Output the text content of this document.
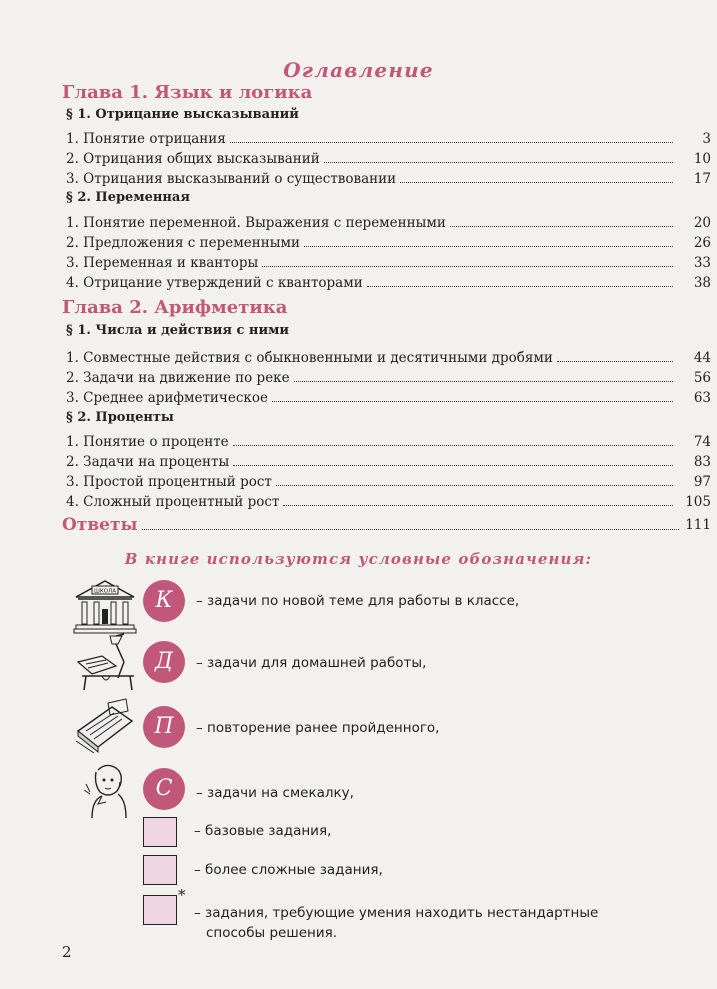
Оглавление
Глава 1. Язык и логика
§ 1. Отрицание высказываний
1. Понятие отрицания	3
2. Отрицания общих высказываний	10
3. Отрицания высказываний о существовании	17
§ 2. Переменная
1. Понятие переменной. Выражения с переменными	20
2. Предложения с переменными	26
3. Переменная и кванторы	33
4. Отрицание утверждений с кванторами	38
Глава 2. Арифметика
§ 1. Числа и действия с ними
1. Совместные действия с обыкновенными и десятичными дробями	44
2. Задачи на движение по реке	56
3. Среднее арифметическое	63
§ 2. Проценты
1. Понятие о проценте	74
2. Задачи на проценты	83
3. Простой процентный рост	97
4. Сложный процентный рост	105
Ответы	111
В книге используются условные обозначения:
ШКОЛА	К	– задачи по новой теме для работы в классе,
Д	– задачи для домашней работы,
П	– повторение ранее пройденного,
С	– задачи на смекалку,
– базовые задания,
– более сложные задания,
*
– задания, требующие умения находить нестандартные
способы решения.
2
